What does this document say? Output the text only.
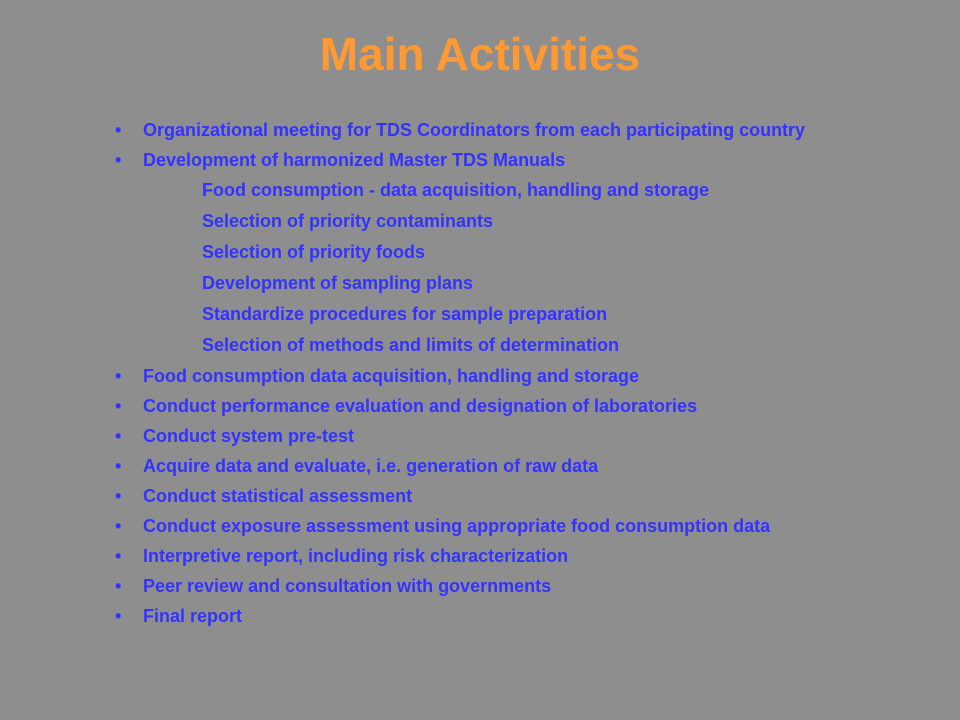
Main Activities
• Organizational meeting for TDS Coordinators from each participating country
• Development of harmonized Master TDS Manuals
Food consumption - data acquisition, handling and storage
Selection of priority contaminants
Selection of priority foods
Development of sampling plans
Standardize procedures for sample preparation
Selection of methods and limits of determination
• Food consumption data acquisition, handling and storage
• Conduct performance evaluation and designation of laboratories
• Conduct system pre-test
• Acquire data and evaluate, i.e. generation of raw data
• Conduct statistical assessment
• Conduct exposure assessment using appropriate food consumption data
• Interpretive report, including risk characterization
• Peer review and consultation with governments
• Final report
